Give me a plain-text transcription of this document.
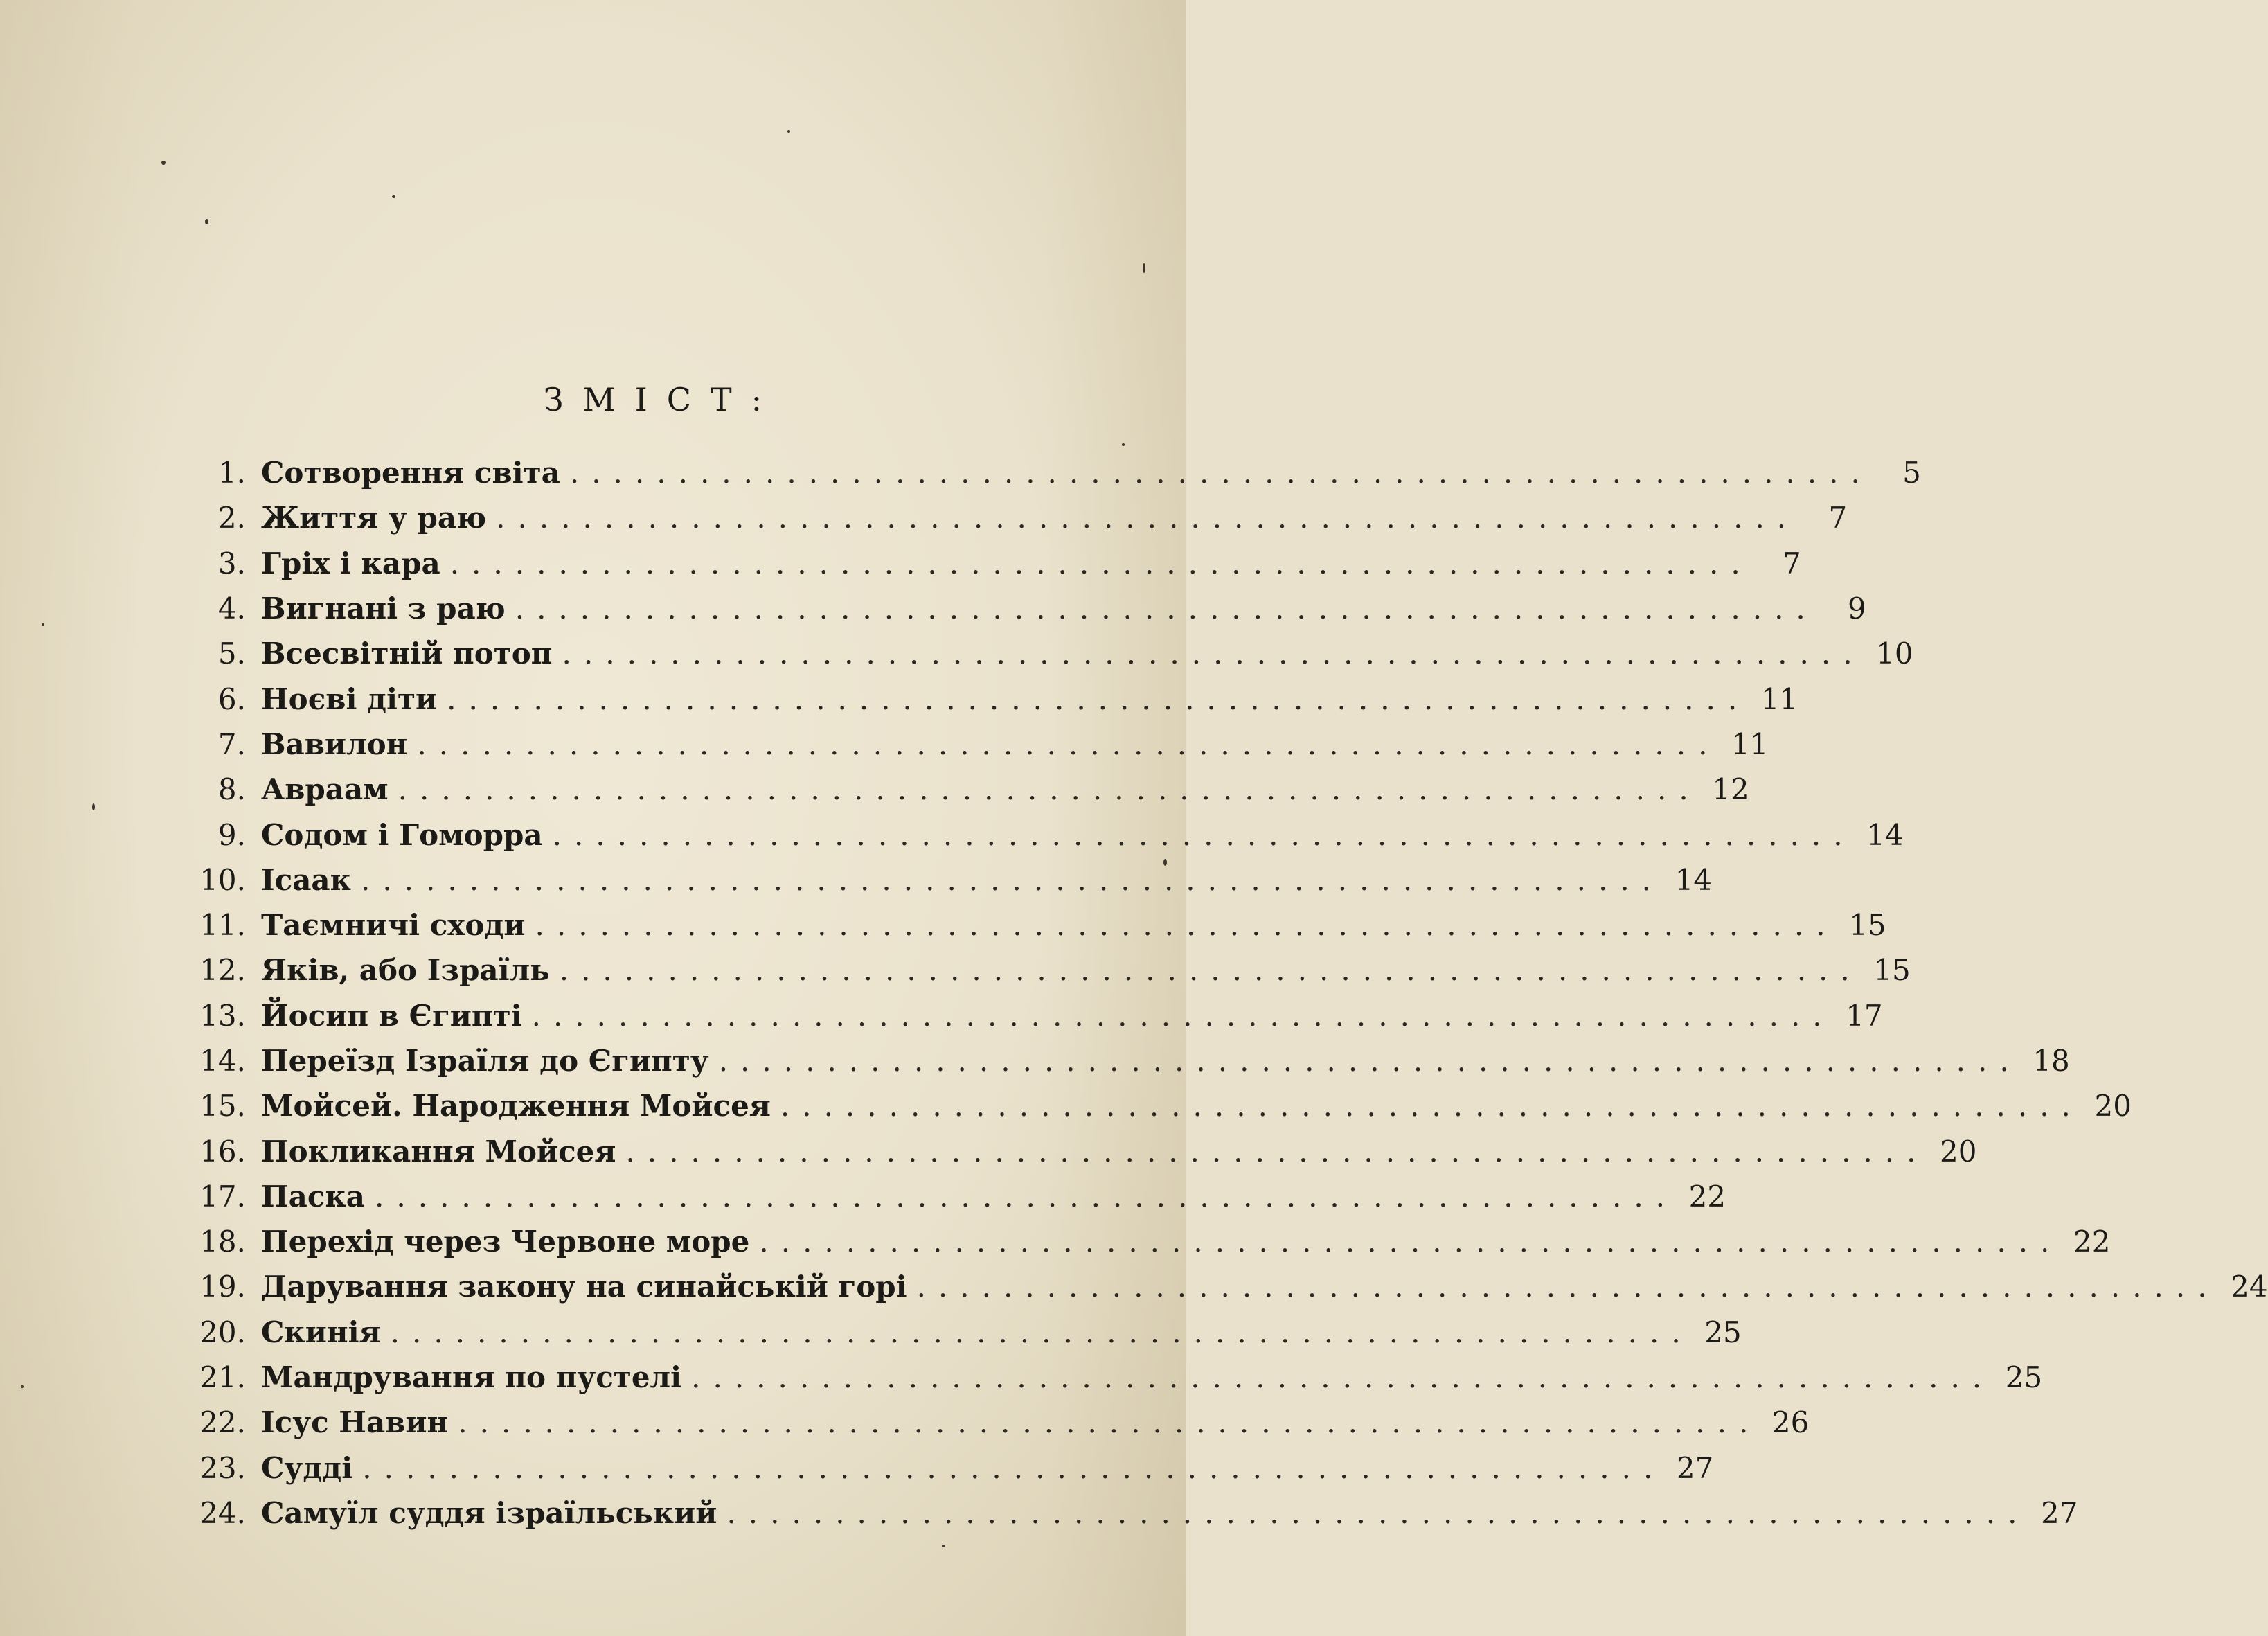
ЗМІСТ:
1. Сотворення світа ............................................................	5
2. Життя у раю ............................................................	7
3. Гріх і кара ............................................................	7
4. Вигнані з раю ............................................................	9
5. Всесвітній потоп ............................................................ 10
6. Ноєві діти ............................................................ 11
7. Вавилон ............................................................ 11
8. Авраам ............................................................ 12
9. Содом і Гоморра ............................................................ 14
10. Ісаак ............................................................ 14
11. Таємничі сходи ............................................................ 15
12. Яків, або Ізраїль ............................................................ 15
13. Йосип в Єгипті ............................................................ 17
14. Переїзд Ізраїля до Єгипту ............................................................ 18
15. Мойсей. Народження Мойсея ............................................................ 20
16. Покликання Мойсея ............................................................ 20
17. Паска ............................................................ 22
18. Перехід через Червоне море ............................................................ 22
19. Дарування закону на синайській горі ............................................................ 24
20. Скинія ............................................................ 25
21. Мандрування по пустелі ............................................................ 25
22. Ісус Навин ............................................................ 26
23. Судді ............................................................ 27
24. Самуїл суддя ізраїльський ............................................................ 27
